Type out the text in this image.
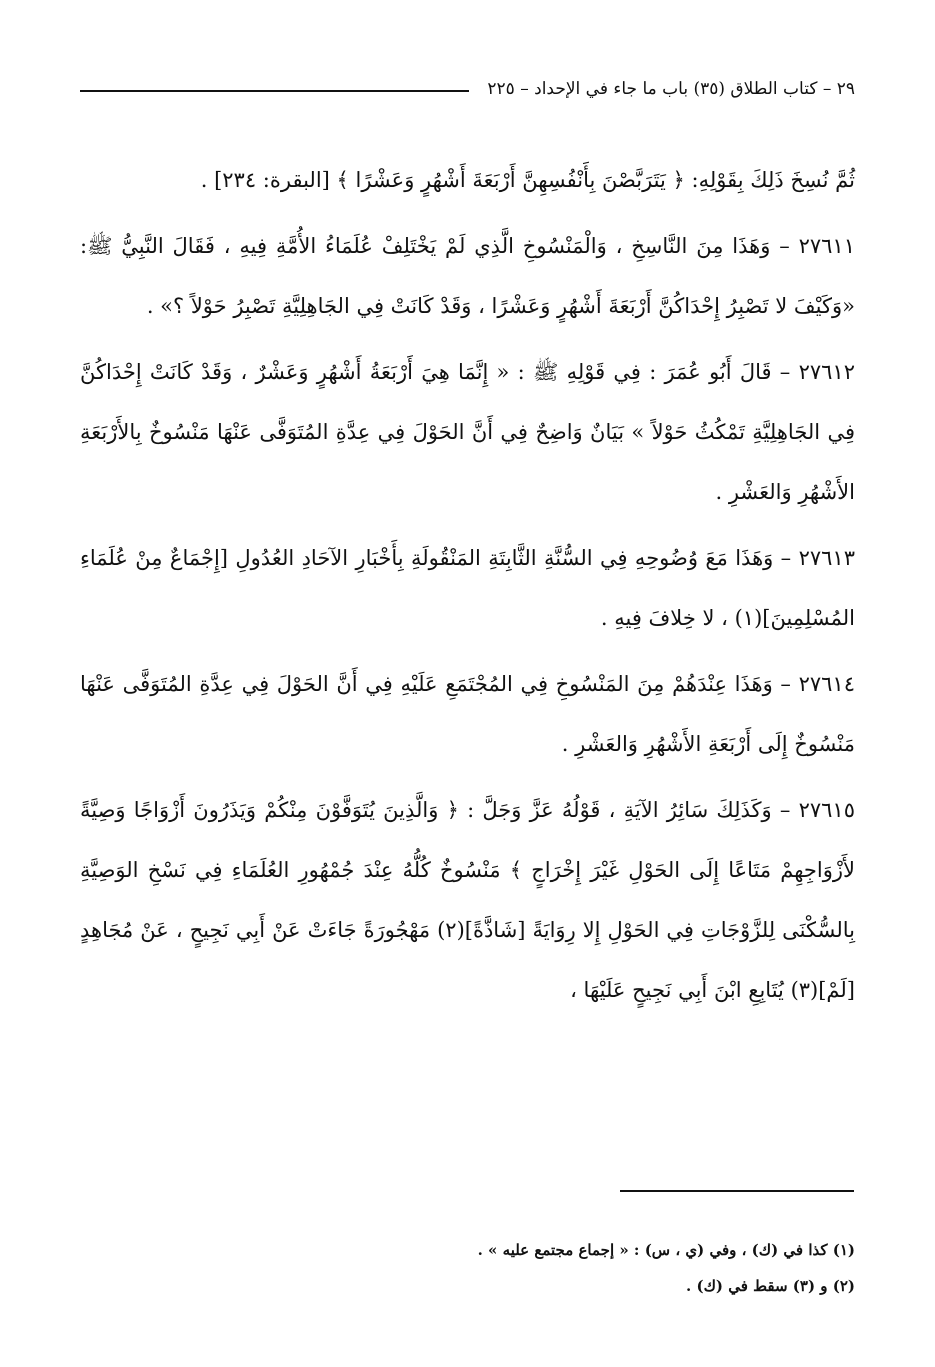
٢٩ – كتاب الطلاق (٣٥) باب ما جاء في الإحداد – ٢٢٥

ثُمَّ نُسِخَ ذَلِكَ بِقَوْلِهِ: ﴿ يَتَرَبَّصْنَ بِأَنْفُسِهِنَّ أَرْبَعَةَ أَشْهُرٍ وَعَشْرًا ﴾ [البقرة: ٢٣٤] .

٢٧٦١١ – وَهَذَا مِنَ النَّاسِخِ ، وَالْمَنْسُوخِ الَّذِي لَمْ يَخْتَلِفْ عُلَمَاءُ الأُمَّةِ فِيهِ ، فَقَالَ النَّبِيُّ ﷺ: «وَكَيْفَ لا تَصْبِرُ إِحْدَاكُنَّ أَرْبَعَةَ أَشْهُرٍ وَعَشْرًا ، وَقَدْ كَانَتْ فِي الجَاهِلِيَّةِ تَصْبِرُ حَوْلاً ؟» .

٢٧٦١٢ – قَالَ أَبُو عُمَرَ : فِي قَوْلِهِ ﷺ : « إِنَّمَا هِيَ أَرْبَعَةُ أَشْهُرٍ وَعَشْرٌ ، وَقَدْ كَانَتْ إِحْدَاكُنَّ فِي الجَاهِلِيَّةِ تَمْكُثُ حَوْلاً » بَيَانٌ وَاضِحٌ فِي أَنَّ الحَوْلَ فِي عِدَّةِ المُتَوَفَّى عَنْهَا مَنْسُوخٌ بِالأَرْبَعَةِ الأَشْهُرِ وَالعَشْرِ .

٢٧٦١٣ – وَهَذَا مَعَ وُضُوحِهِ فِي السُّنَّةِ الثَّابِتَةِ المَنْقُولَةِ بِأَخْبَارِ الآحَادِ العُدُولِ [إِجْمَاعٌ مِنْ عُلَمَاءِ المُسْلِمِينَ](١) ، لا خِلافَ فِيهِ .

٢٧٦١٤ – وَهَذَا عِنْدَهُمْ مِنَ المَنْسُوخِ فِي المُجْتَمَعِ عَلَيْهِ فِي أَنَّ الحَوْلَ فِي عِدَّةِ المُتَوَفَّى عَنْهَا مَنْسُوخٌ إِلَى أَرْبَعَةِ الأَشْهُرِ وَالعَشْرِ .

٢٧٦١٥ – وَكَذَلِكَ سَائِرُ الآيَةِ ، قَوْلُهُ عَزَّ وَجَلَّ : ﴿ وَالَّذِينَ يُتَوَفَّوْنَ مِنْكُمْ وَيَذَرُونَ أَزْوَاجًا وَصِيَّةً لأَزْوَاجِهِمْ مَتَاعًا إِلَى الحَوْلِ غَيْرَ إِخْرَاجٍ ﴾ مَنْسُوخٌ كُلُّهُ عِنْدَ جُمْهُورِ العُلَمَاءِ فِي نَسْخِ الوَصِيَّةِ بِالسُّكْنَى لِلزَّوْجَاتِ فِي الحَوْلِ إِلا رِوَايَةً [شَاذَّةً](٢) مَهْجُورَةً جَاءَتْ عَنْ أَبِي نَجِيحٍ ، عَنْ مُجَاهِدٍ [لَمْ](٣) يُتَابِعِ ابْنَ أَبِي نَجِيحٍ عَلَيْهَا ،

(١) كذا في (ك) ، وفي (ي ، س) : « إجماع مجتمع عليه » .

(٢) و (٣) سقط في (ك) .
